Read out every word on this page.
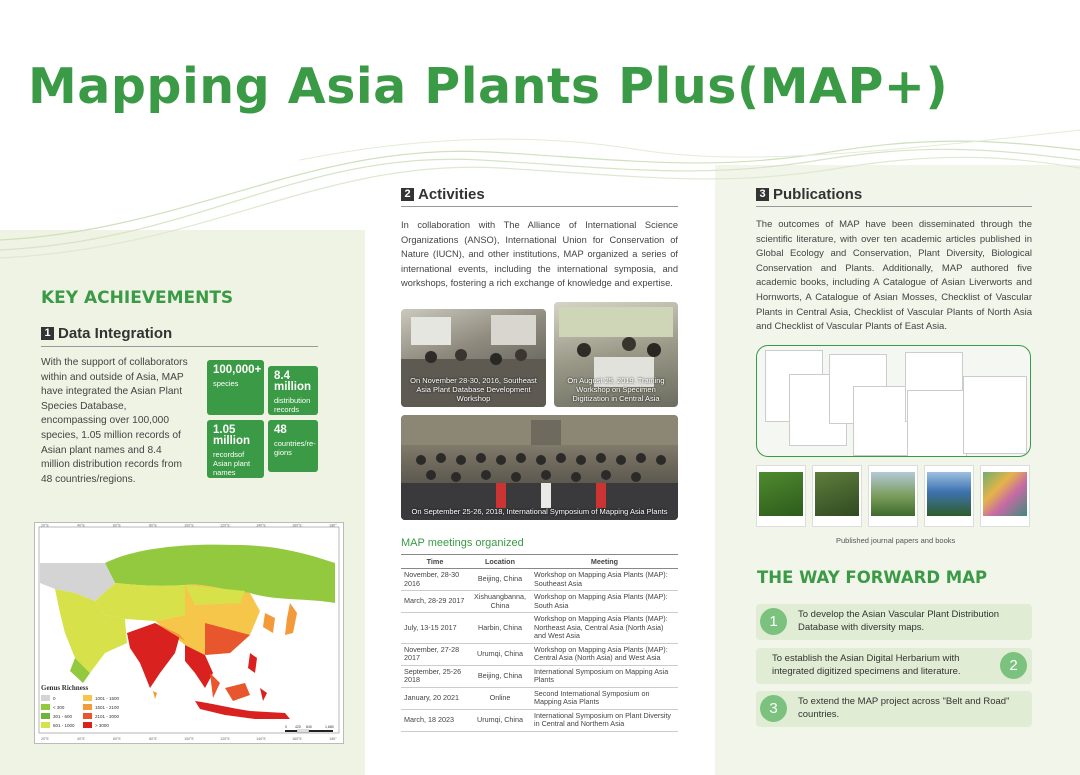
Mapping Asia Plants Plus(MAP+)
KEY ACHIEVEMENTS
1 Data Integration
With the support of collaborators within and outside of Asia, MAP have integrated the Asian Plant Species Database, encompassing over 100,000 species, 1.05 million records of Asian plant names and 8.4 million distribution records from 48 countries/regions.
100,000+
species
8.4 million
distribution records
1.05 million
recordsof Asian plant names
48
countries/re-gions
20°E
20°E
40°E
40°E
60°E
60°E
80°E
80°E
100°E
100°E
120°E
120°E
140°E
140°E
160°E
160°E
180°
180°
Genus Richness
0	1001 - 1500
< 300	1501 - 2100
301 - 600	2101 - 3000
601 - 1000	> 3000	0 420 840	1,680
2 Activities
In collaboration with The Alliance of International Science Organizations (ANSO), International Union for Conservation of Nature (IUCN), and other institutions, MAP organized a series of international events, including the international symposia, and workshops, fostering a rich exchange of knowledge and expertise.
On November 28-30, 2016, Southeast Asia Plant Database Development Workshop
On August 25, 2019, Training Workshop on Specimen Digitization in Central Asia
On September 25-26, 2018, International Symposium of Mapping Asia Plants
MAP meetings organized
Time	Location	Meeting
November, 28-30 2016	Beijing, China	Workshop on Mapping Asia Plants (MAP): Southeast Asia
March, 28-29 2017	Xishuangbanna, China	Workshop on Mapping Asia Plants (MAP): South Asia
July, 13-15 2017	Harbin, China	Workshop on Mapping Asia Plants (MAP): Northeast Asia, Central Asia (North Asia) and West Asia
November, 27-28 2017	Urumqi, China	Workshop on Mapping Asia Plants (MAP): Central Asia (North Asia) and West Asia
September, 25-26 2018	Beijing, China	International Symposium on Mapping Asia Plants
January, 20 2021	Online	Second International Symposium on Mapping Asia Plants
March, 18 2023	Urumqi, China	International Symposium on Plant Diversity in Central and Northern Asia
3 Publications
The outcomes of MAP have been disseminated through the scientific literature, with over ten academic articles published in Global Ecology and Conservation, Plant Diversity, Biological Conservation and Plants. Additionally, MAP authored five academic books, including A Catalogue of Asian Liverworts and Hornworts, A Catalogue of Asian Mosses, Checklist of Vascular Plants in Central Asia, Checklist of Vascular Plants of North Asia and Checklist of Vascular Plants of East Asia.
Published journal papers and books
THE WAY FORWARD MAP
1	To develop the Asian Vascular Plant Distribution Database with diversity maps.
2
To establish the Asian Digital Herbarium with integrated digitized specimens and literature.
3	To extend the MAP project across "Belt and Road" countries.
